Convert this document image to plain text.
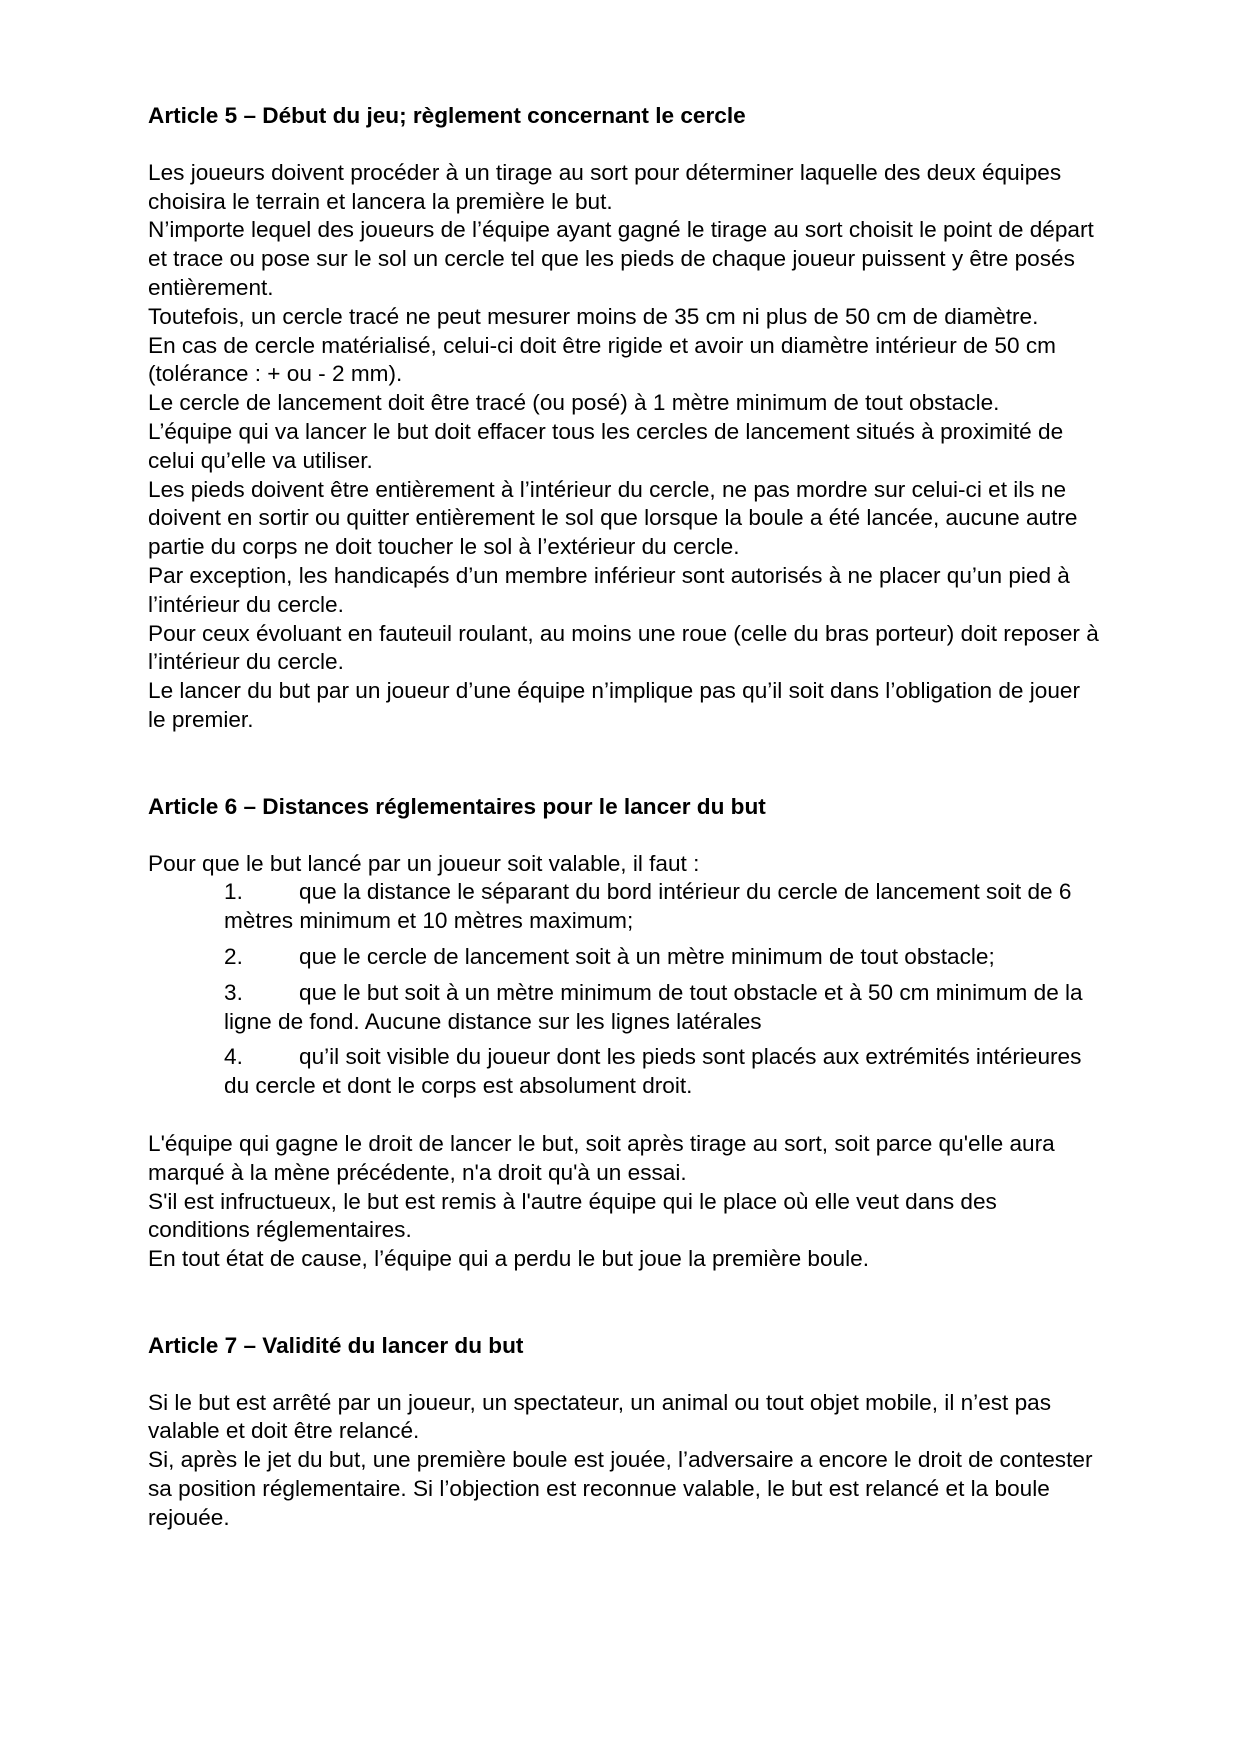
Article 5 – Début du jeu; règlement concernant le cercle

Les joueurs doivent procéder à un tirage au sort pour déterminer laquelle des deux équipes choisira le terrain et lancera la première le but.

N’importe lequel des joueurs de l’équipe ayant gagné le tirage au sort choisit le point de départ et trace ou pose sur le sol un cercle tel que les pieds de chaque joueur puissent y être posés entièrement.

Toutefois, un cercle tracé ne peut mesurer moins de 35 cm ni plus de 50 cm de diamètre.

En cas de cercle matérialisé, celui-ci doit être rigide et avoir un diamètre intérieur de 50 cm (tolérance : + ou - 2 mm).

Le cercle de lancement doit être tracé (ou posé) à 1 mètre minimum de tout obstacle.

L’équipe qui va lancer le but doit effacer tous les cercles de lancement situés à proximité de celui qu’elle va utiliser.

Les pieds doivent être entièrement à l’intérieur du cercle, ne pas mordre sur celui-ci et ils ne doivent en sortir ou quitter entièrement le sol que lorsque la boule a été lancée, aucune autre partie du corps ne doit toucher le sol à l’extérieur du cercle.

Par exception, les handicapés d’un membre inférieur sont autorisés à ne placer qu’un pied à l’intérieur du cercle.

Pour ceux évoluant en fauteuil roulant, au moins une roue (celle du bras porteur) doit reposer à l’intérieur du cercle.

Le lancer du but par un joueur d’une équipe n’implique pas qu’il soit dans l’obligation de jouer le premier.

Article 6 – Distances réglementaires pour le lancer du but

Pour que le but lancé par un joueur soit valable, il faut :

1. que la distance le séparant du bord intérieur du cercle de lancement soit de 6 mètres minimum et 10 mètres maximum;
2. que le cercle de lancement soit à un mètre minimum de tout obstacle;
3. que le but soit à un mètre minimum de tout obstacle et à 50 cm minimum de la ligne de fond. Aucune distance sur les lignes latérales
4. qu’il soit visible du joueur dont les pieds sont placés aux extrémités intérieures du cercle et dont le corps est absolument droit.

L'équipe qui gagne le droit de lancer le but, soit après tirage au sort, soit parce qu'elle aura marqué à la mène précédente, n'a droit qu'à un essai.

S'il est infructueux, le but est remis à l'autre équipe qui le place où elle veut dans des conditions réglementaires.

En tout état de cause, l’équipe qui a perdu le but joue la première boule.

Article 7 – Validité du lancer du but

Si le but est arrêté par un joueur, un spectateur, un animal ou tout objet mobile, il n’est pas valable et doit être relancé.

Si, après le jet du but, une première boule est jouée, l’adversaire a encore le droit de contester sa position réglementaire. Si l’objection est reconnue valable, le but est relancé et la boule rejouée.
